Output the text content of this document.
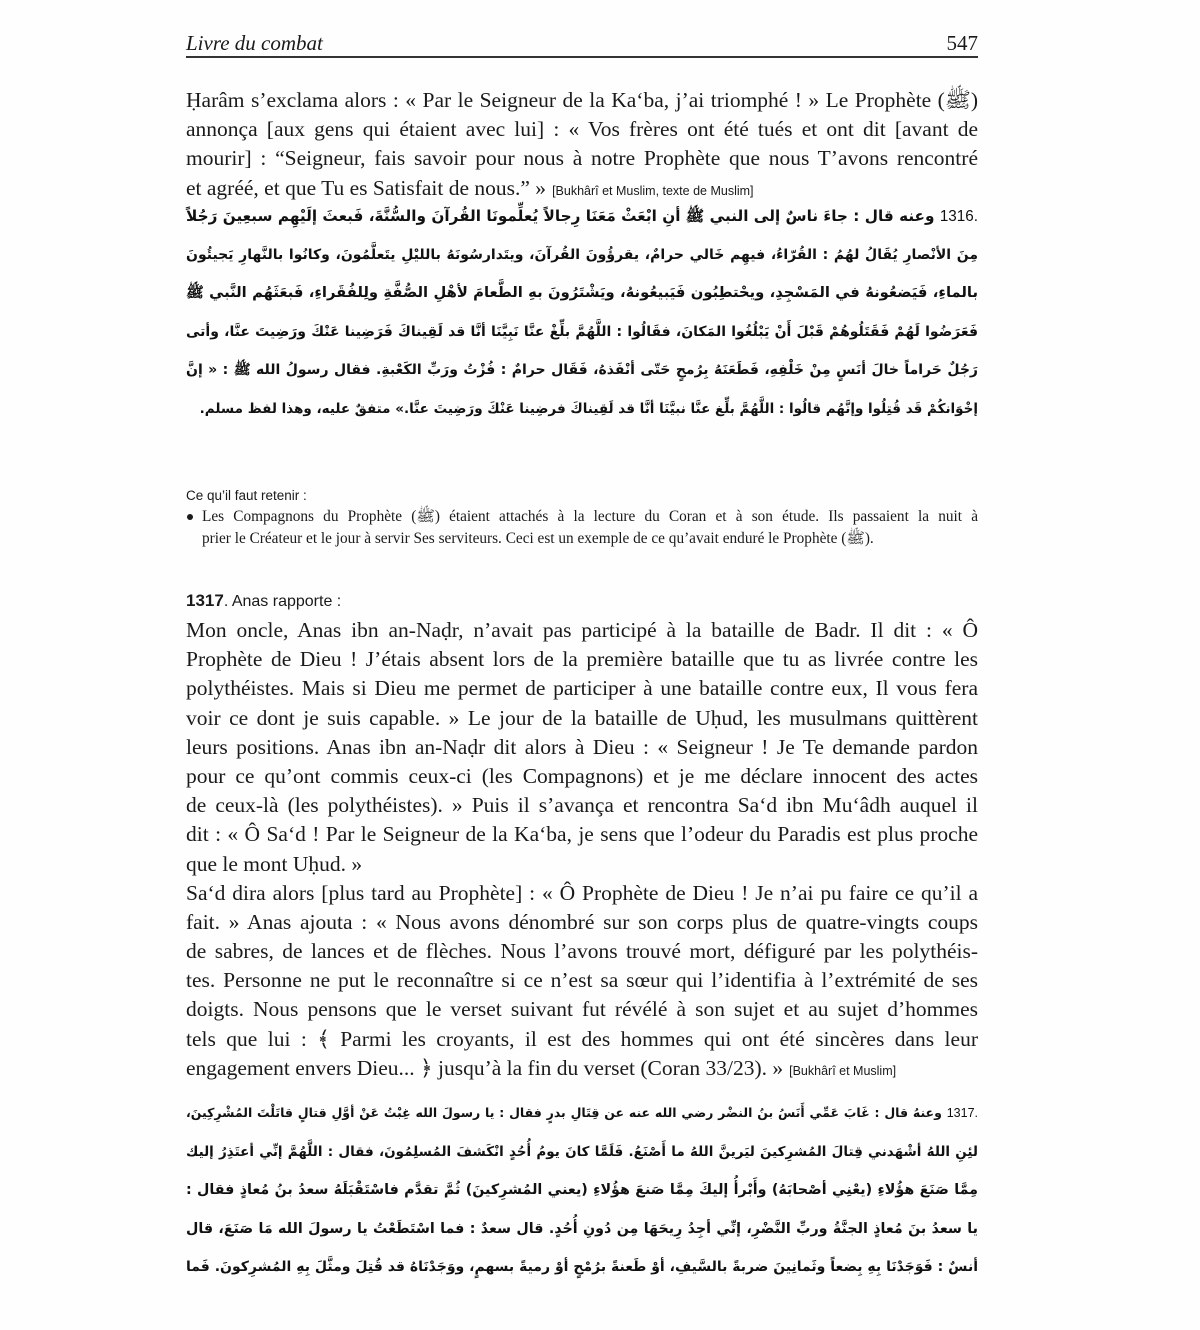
Livre du combat	547
Ḥarâm s’exclama alors : « Par le Seigneur de la Ka‘ba, j’ai triomphé ! » Le Prophète (ﷺ)
annonça [aux gens qui étaient avec lui] : « Vos frères ont été tués et ont dit [avant de
mourir] : “Seigneur, fais savoir pour nous à notre Prophète que nous T’avons rencontré
et agréé, et que Tu es Satisfait de nous.” » [Bukhârî et Muslim, texte de Muslim]
1316. وعنه قال : جاءَ ناسٌ إلى النبي ﷺ أنِ ابْعَثْ مَعَنَا رِجالاً يُعلِّمونَا القُرآنَ والسُّنَّةَ، فَبعثَ إلَيْهِم سبعِينَ رَجُلاً
مِنَ الأنْصارِ يُقَالُ لهُمُ : القُرّاءُ، فيهِم خَالي حرامٌ، يقرؤُونَ القُرآنَ، ويتَدارسُونَهُ بالليْلِ يتَعلَّمُونَ، وكانُوا بالنَّهارِ يَجيئُونَ
بالماءِ، فَيَضعُونهُ في المَسْجِدِ، ويحْتطِبُون فَيَبيعُونهُ، ويَشْتَرُونَ بهِ الطَّعامَ لأهْلِ الصُّفَّةِ ولِلفُقَراءِ، فَبعَثَهُم النَّبي ﷺ
فَعَرَضُوا لَهُمْ فَقَتَلُوهُمْ قَبْلَ أَنْ يَبْلُغُوا المَكانَ، فقَالُوا : اللَّهُمَّ بلِّغْ عنَّا نَبِيَّنَا أنَّا قد لَقِيناكَ فَرَضِينا عَنْكَ ورَضِيتَ عنَّا، وأتى
رَجُلٌ حَراماً خالَ أنَسٍ مِنْ خَلْفِهِ، فَطَعَنَهُ بِرُمحٍ حَتّى أنْفَذهُ، فَقَال حرامٌ : فُزْتُ ورَبِّ الكَعْبةِ. فقال رسولُ الله ﷺ : « إنَّ
إخْوَانكُمْ قَد قُتِلُوا وإنَّهُم قالُوا : اللَّهُمَّ بلِّغ عنَّا نبيَّنَا أنَّا قد لَقِيناكَ فرضِينا عَنْكَ ورَضِيتَ عنَّا.» متفقٌ عليه، وهذا لفظ مسلم.
Ce qu’il faut retenir :
Les Compagnons du Prophète (ﷺ) étaient attachés à la lecture du Coran et à son étude. Ils passaient la nuit à
prier le Créateur et le jour à servir Ses serviteurs. Ceci est un exemple de ce qu’avait enduré le Prophète (ﷺ).
1317. Anas rapporte :
Mon oncle, Anas ibn an-Naḍr, n’avait pas participé à la bataille de Badr. Il dit : « Ô
Prophète de Dieu ! J’étais absent lors de la première bataille que tu as livrée contre les
polythéistes. Mais si Dieu me permet de participer à une bataille contre eux, Il vous fera
voir ce dont je suis capable. » Le jour de la bataille de Uḥud, les musulmans quittèrent
leurs positions. Anas ibn an-Naḍr dit alors à Dieu : « Seigneur ! Je Te demande pardon
pour ce qu’ont commis ceux-ci (les Compagnons) et je me déclare innocent des actes
de ceux-là (les polythéistes). » Puis il s’avança et rencontra Sa‘d ibn Mu‘âdh auquel il
dit : « Ô Sa‘d ! Par le Seigneur de la Ka‘ba, je sens que l’odeur du Paradis est plus proche
que le mont Uḥud. »
Sa‘d dira alors [plus tard au Prophète] : « Ô Prophète de Dieu ! Je n’ai pu faire ce qu’il a
fait. » Anas ajouta : « Nous avons dénombré sur son corps plus de quatre-vingts coups
de sabres, de lances et de flèches. Nous l’avons trouvé mort, défiguré par les polythéis-
tes. Personne ne put le reconnaître si ce n’est sa sœur qui l’identifia à l’extrémité de ses
doigts. Nous pensons que le verset suivant fut révélé à son sujet et au sujet d’hommes
tels que lui : ﴾ Parmi les croyants, il est des hommes qui ont été sincères dans leur
engagement envers Dieu... ﴿ jusqu’à la fin du verset (Coran 33/23). » [Bukhârî et Muslim]
1317. وعنهُ قال : غَابَ عَمِّي أَنَسُ بنُ النضْر رضي الله عنه عن قِتَالِ بدرٍ فقال : يا رسولَ الله غِبْتُ عَنْ أوَّلِ قتالٍ قاتَلْتَ المُشْرِكِينَ،
لئِنِ اللهُ أشْهَدني قِتالَ المُشرِكينَ ليَرينَّ اللهُ ما أَصْنَعُ. فَلَمَّا كانَ يومُ أُحُدٍ انْكَشفَ المُسلِمُونَ، فقال : اللَّهُمَّ إنِّي أعتَذِرُ إليك
مِمَّا صَنَعَ هؤُلاءِ (يعْنِي أصْحابَهُ) وأَبْرأُ إليكَ مِمَّا صَنعَ هؤُلاءِ (يعني المُشرِكينَ) ثُمَّ تقدَّم فاسْتَقْبَلَهُ سعدُ بنُ مُعاذٍ فقال :
يا سعدُ بنَ مُعاذٍ الجنَّةُ وربِّ النَّضْرِ، إنِّي أجِدُ رِيحَهَا مِن دُونِ أُحُدٍ. قال سعدٌ : فما اسْتَطَعْتُ يا رسولَ الله مَا صَنَعَ، قال
أنسٌ : فَوَجَدْنَا بِهِ بِضعاً وثَمانِينَ ضربةً بالسَّيفِ، أوْ طَعنةً برُمْحٍ أوْ رميةً بسهمٍ، ووَجَدْنَاهُ قد قُتِلَ ومثَّلَ بِهِ المُشرِكونَ. فَما
